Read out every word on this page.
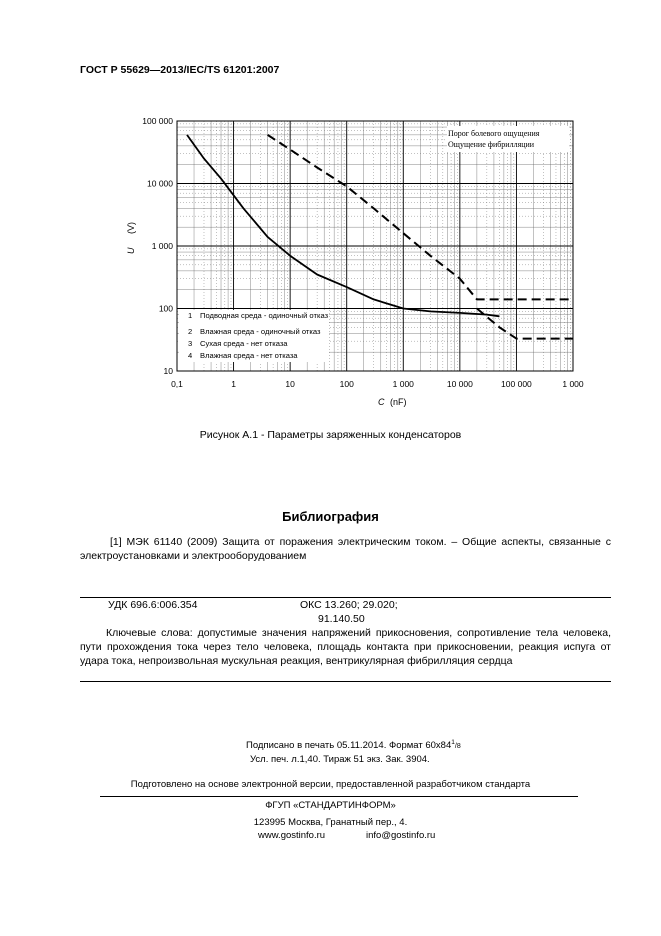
ГОСТ Р 55629—2013/IEC/TS 61201:2007
10
100
1 000
10 000
100 000
0,1	1	10	100	1 000	10 000	100 000	1 000
U
(V)
C (nF)
Порог болевого ощущения
Ощущение фибрилляции
1 Подводная среда - одиночный отказ
2 Влажная среда - одиночный отказ
3 Сухая среда - нет отказа
4 Влажная среда - нет отказа
Рисунок А.1 - Параметры заряженных конденсаторов
Библиография
[1] МЭК 61140 (2009) Защита от поражения электрическим током. – Общие аспекты, связанные с электроустановками и электрооборудованием
УДК 696.6:006.354	ОКС 13.260; 29.020;
91.140.50
Ключевые слова: допустимые значения напряжений прикосновения, сопротивление тела человека, пути прохождения тока через тело человека, площадь контакта при прикосновении, реакция испуга от удара тока, непроизвольная мускульная реакция, вентрикулярная фибрилляция сердца
Подписано в печать 05.11.2014. Формат $60x84^1/8$
Усл. печ. л.1,40. Тираж 51 экз. Зак. 3904.
Подготовлено на основе электронной версии, предоставленной разработчиком стандарта
ФГУП «СТАНДАРТИНФОРМ»
123995 Москва, Гранатный пер., 4.
www.gostinfo.ru	info@gostinfo.ru
